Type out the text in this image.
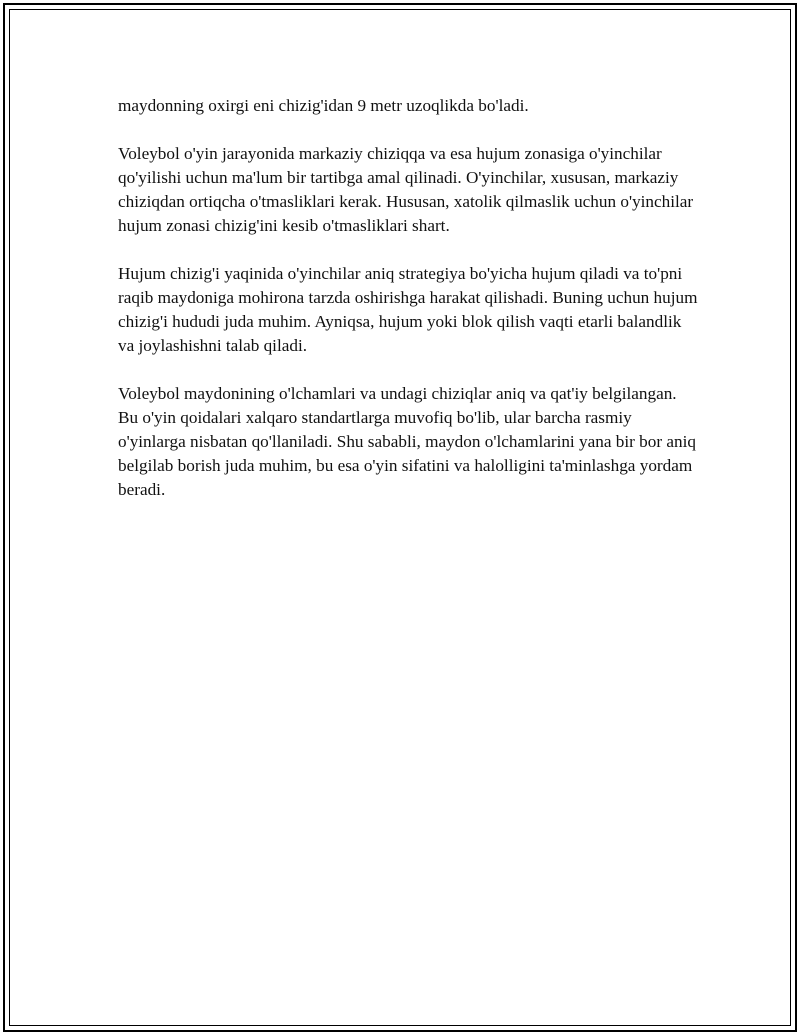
maydonning oxirgi eni chizig'idan 9 metr uzoqlikda bo'ladi.

Voleybol o'yin jarayonida markaziy chiziqqa va esa hujum zonasiga o'yinchilar qo'yilishi uchun ma'lum bir tartibga amal qilinadi. O'yinchilar, xususan, markaziy chiziqdan ortiqcha o'tmasliklari kerak. Hususan, xatolik qilmaslik uchun o'yinchilar hujum zonasi chizig'ini kesib o'tmasliklari shart.

Hujum chizig'i yaqinida o'yinchilar aniq strategiya bo'yicha hujum qiladi va to'pni raqib maydoniga mohirona tarzda oshirishga harakat qilishadi. Buning uchun hujum chizig'i hududi juda muhim. Ayniqsa, hujum yoki blok qilish vaqti etarli balandlik va joylashishni talab qiladi.

Voleybol maydonining o'lchamlari va undagi chiziqlar aniq va qat'iy belgilangan. Bu o'yin qoidalari xalqaro standartlarga muvofiq bo'lib, ular barcha rasmiy o'yinlarga nisbatan qo'llaniladi. Shu sababli, maydon o'lchamlarini yana bir bor aniq belgilab borish juda muhim, bu esa o'yin sifatini va halolligini ta'minlashga yordam beradi.
